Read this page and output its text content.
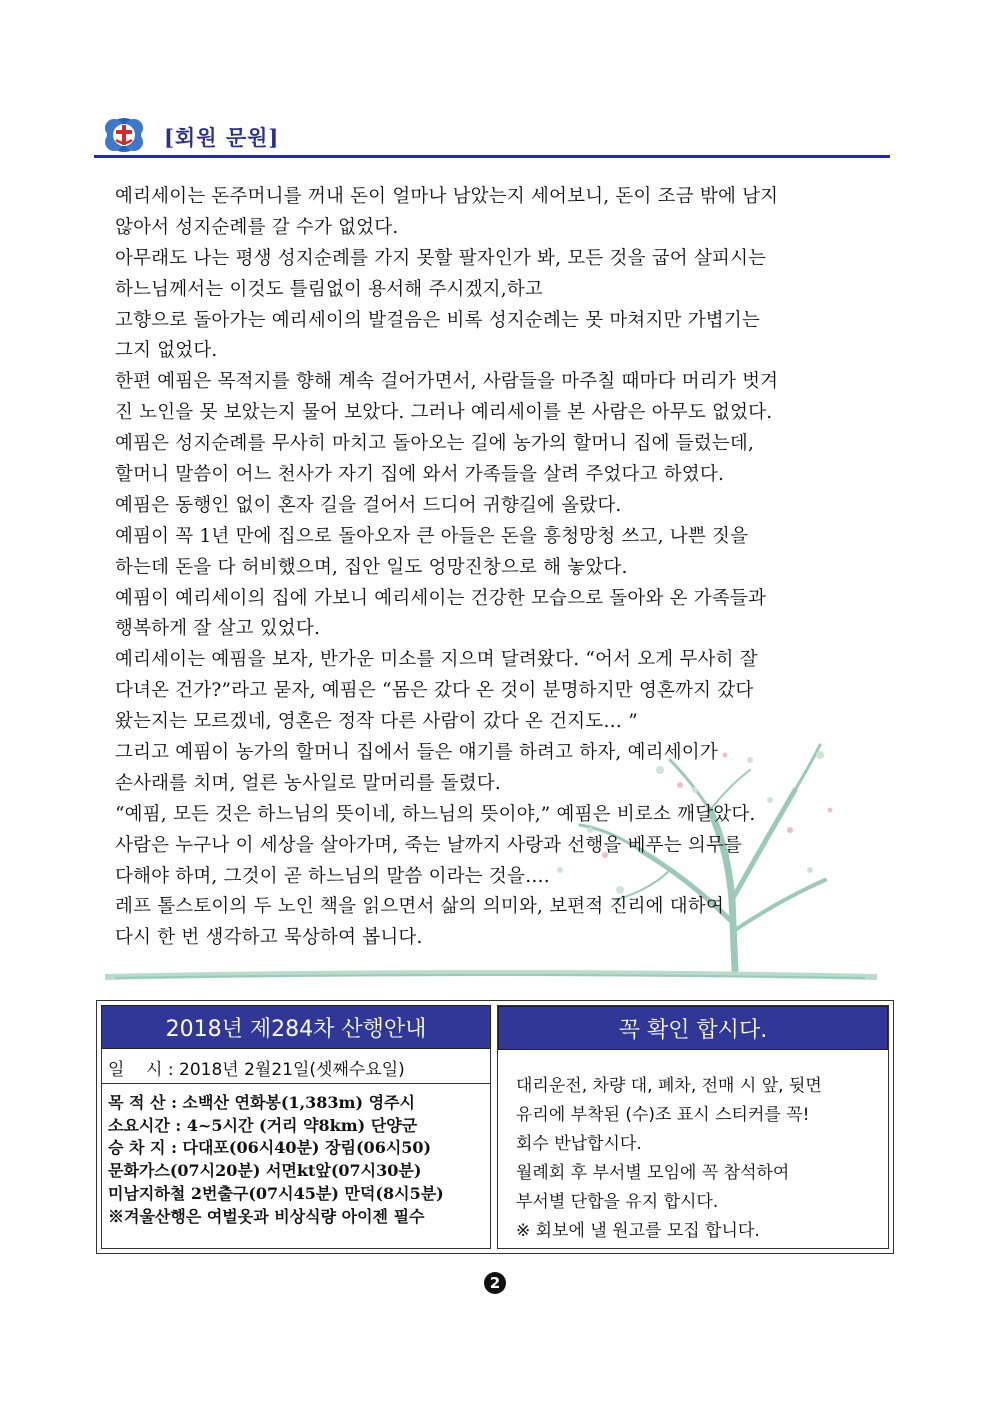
[회원 문원]
예리세이는 돈주머니를 꺼내 돈이 얼마나 남았는지 세어보니, 돈이 조금 밖에 남지
않아서 성지순례를 갈 수가 없었다.
아무래도 나는 평생 성지순례를 가지 못할 팔자인가 봐, 모든 것을 굽어 살피시는
하느님께서는 이것도 틀림없이 용서해 주시겠지,하고
고향으로 돌아가는 예리세이의 발걸음은 비록 성지순례는 못 마쳐지만 가볍기는
그지 없었다.
한편 예핌은 목적지를 향해 계속 걸어가면서, 사람들을 마주칠 때마다 머리가 벗겨
진 노인을 못 보았는지 물어 보았다. 그러나 예리세이를 본 사람은 아무도 없었다.
예핌은 성지순례를 무사히 마치고 돌아오는 길에 농가의 할머니 집에 들렀는데,
할머니 말씀이 어느 천사가 자기 집에 와서 가족들을 살려 주었다고 하였다.
예핌은 동행인 없이 혼자 길을 걸어서 드디어 귀향길에 올랐다.
예핌이 꼭 1년 만에 집으로 돌아오자 큰 아들은 돈을 흥청망청 쓰고, 나쁜 짓을
하는데 돈을 다 허비했으며, 집안 일도 엉망진창으로 해 놓았다.
예핌이 예리세이의 집에 가보니 예리세이는 건강한 모습으로 돌아와 온 가족들과
행복하게 잘 살고 있었다.
예리세이는 예핌을 보자, 반가운 미소를 지으며 달려왔다. “어서 오게 무사히 잘
다녀온 건가?”라고 묻자, 예핌은 “몸은 갔다 온 것이 분명하지만 영혼까지 갔다
왔는지는 모르겠네, 영혼은 정작 다른 사람이 갔다 온 건지도… ”
그리고 예핌이 농가의 할머니 집에서 들은 얘기를 하려고 하자, 예리세이가
손사래를 치며, 얼른 농사일로 말머리를 돌렸다.
“예핌, 모든 것은 하느님의 뜻이네, 하느님의 뜻이야,” 예핌은 비로소 깨달았다.
사람은 누구나 이 세상을 살아가며, 죽는 날까지 사랑과 선행을 베푸는 의무를
다해야 하며, 그것이 곧 하느님의 말씀 이라는 것을….
레프 톨스토이의 두 노인 책을 읽으면서 삶의 의미와, 보편적 진리에 대하여
다시 한 번 생각하고 묵상하여 봅니다.
2018년 제284차 산행안내
일    시 : 2018년 2월21일(셋째수요일)
목 적 산 : 소백산 연화봉(1,383m) 영주시
소요시간 : 4~5시간 (거리 약8km) 단양군
승 차 지 : 다대포(06시40분) 장림(06시50)
문화가스(07시20분) 서면kt앞(07시30분)
미남지하철 2번출구(07시45분) 만덕(8시5분)
※겨울산행은 여벌옷과 비상식량 아이젠 필수
꼭 확인 합시다.
대리운전, 차량 대, 폐차, 전매 시 앞, 뒷면
유리에 부착된 (수)조 표시 스티커를 꼭!
회수 반납합시다.
월례회 후 부서별 모임에 꼭 참석하여
부서별 단합을 유지 합시다.
※ 회보에 낼 원고를 모집 합니다.
2
